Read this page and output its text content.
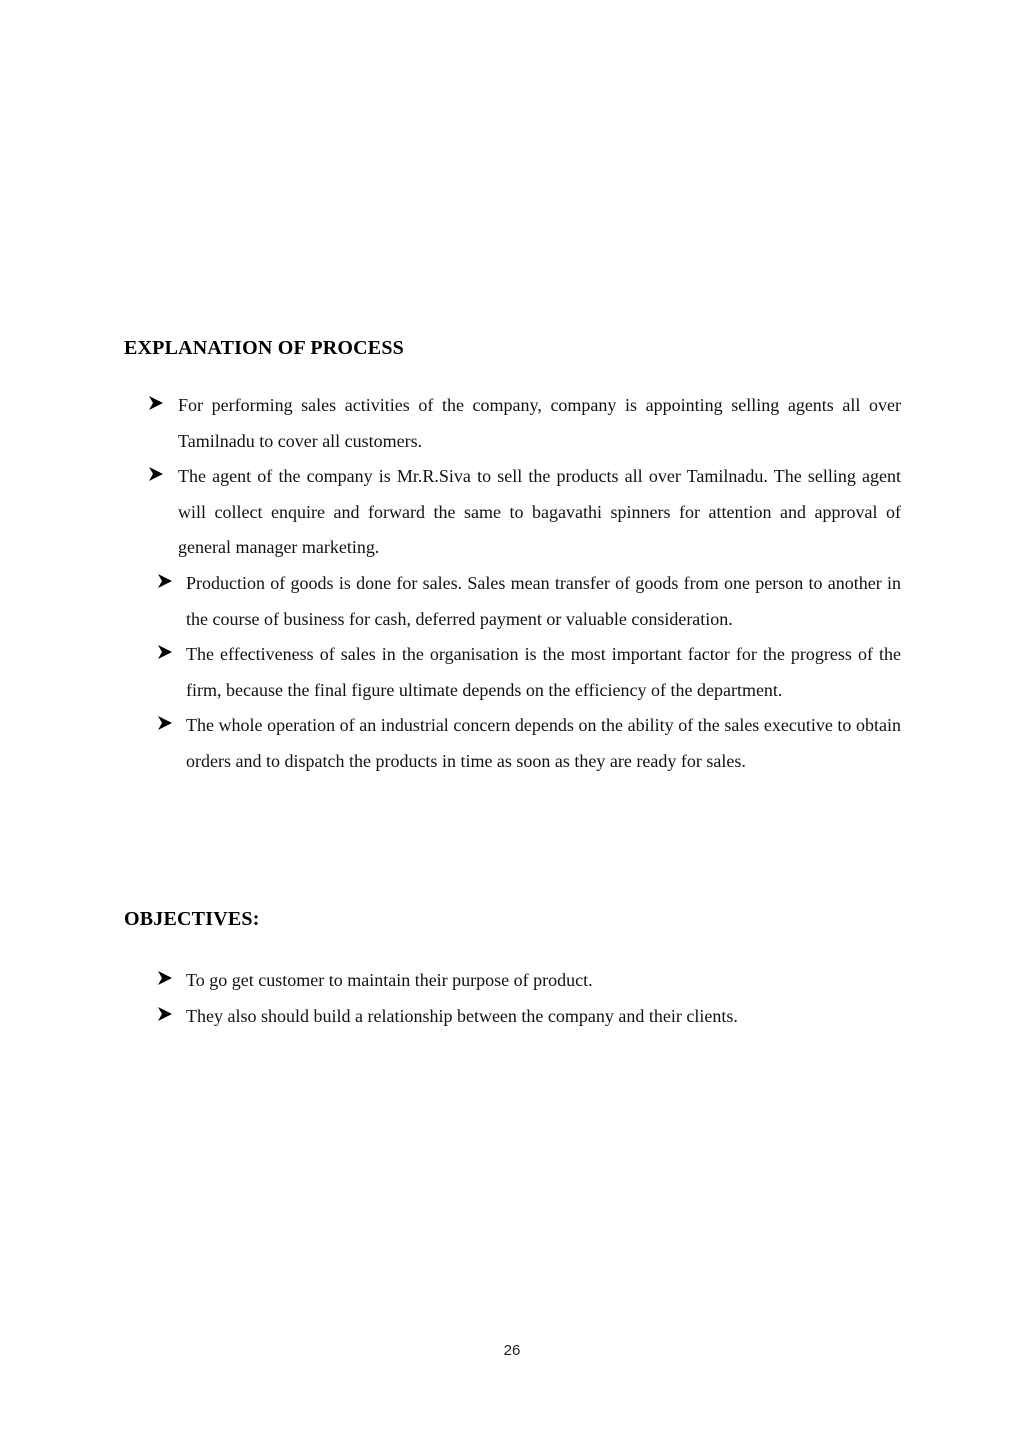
EXPLANATION OF PROCESS
For performing sales activities of the company, company is appointing selling agents all over Tamilnadu to cover all customers.
The agent of the company is Mr.R.Siva to sell the products all over Tamilnadu. The selling agent will collect enquire and forward the same to bagavathi spinners for attention and approval of general manager marketing.
Production of goods is done for sales. Sales mean transfer of goods from one person to another in the course of business for cash, deferred payment or valuable consideration.
The effectiveness of sales in the organisation is the most important factor for the progress of the firm, because the final figure ultimate depends on the efficiency of the department.
The whole operation of an industrial concern depends on the ability of the sales executive to obtain orders and to dispatch the products in time as soon as they are ready for sales.
OBJECTIVES:
To go get customer to maintain their purpose of product.
They also should build a relationship between the company and their clients.
26
